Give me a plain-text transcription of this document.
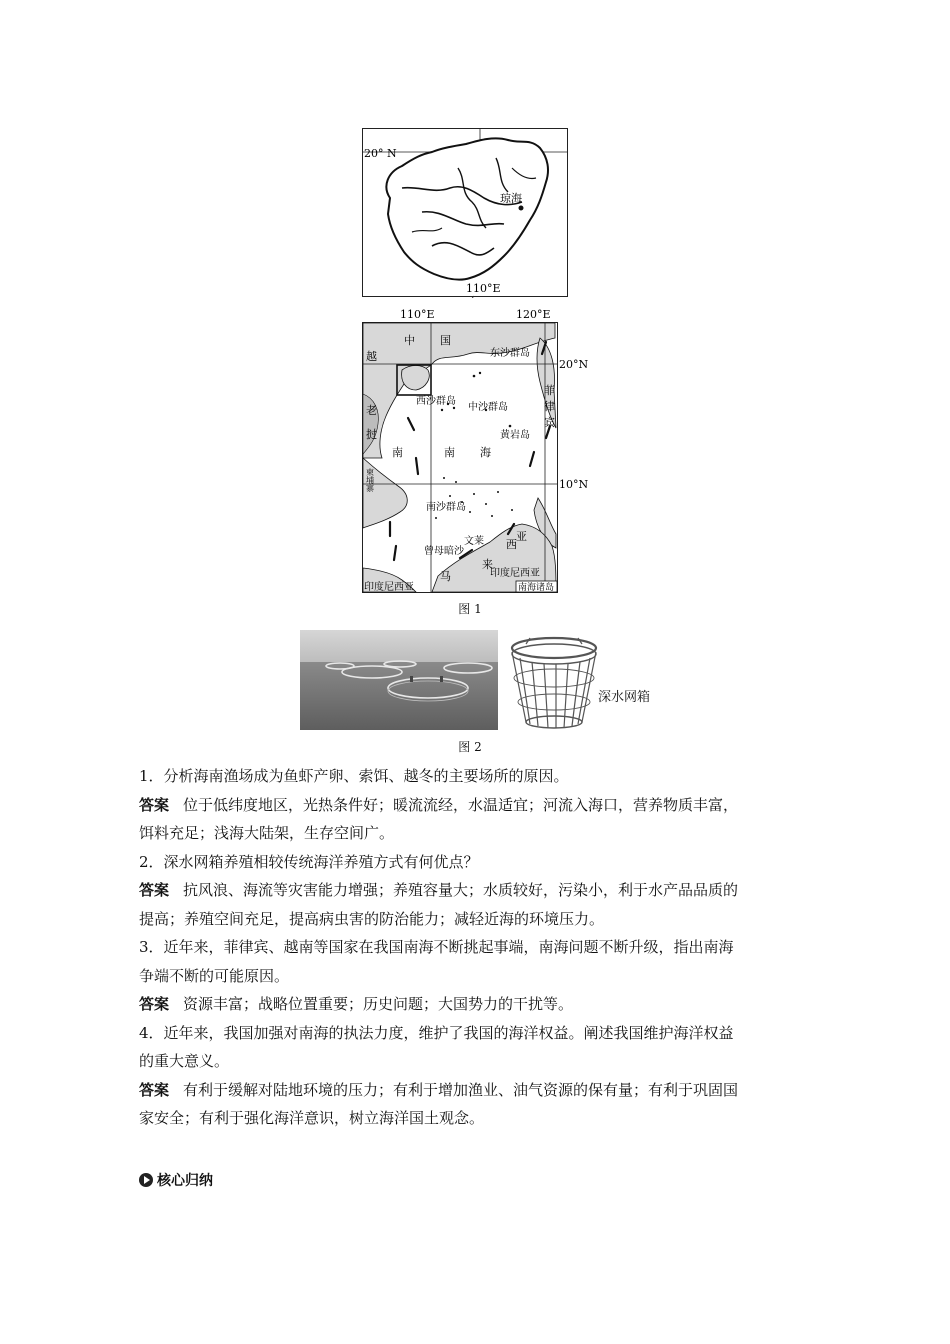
20° N
110°E
琼海
110°E	120°E
20°N
10°N
中 国
越	东沙群岛
西沙群岛
中沙群岛
黄岩岛
南 海
老
挝
柬埔寨
南
菲
律
宾
南沙群岛
文莱
曾母暗沙
马
来
西
亚
印度尼西亚
印度尼西亚
南海诸岛
图 1
深水网箱
图 2

1．分析海南渔场成为鱼虾产卵、索饵、越冬的主要场所的原因。

答案 位于低纬度地区，光热条件好；暖流流经，水温适宜；河流入海口，营养物质丰富，

饵料充足；浅海大陆架，生存空间广。

2．深水网箱养殖相较传统海洋养殖方式有何优点？

答案 抗风浪、海流等灾害能力增强；养殖容量大；水质较好，污染小，利于水产品品质的

提高；养殖空间充足，提高病虫害的防治能力；减轻近海的环境压力。

3．近年来，菲律宾、越南等国家在我国南海不断挑起事端，南海问题不断升级，指出南海

争端不断的可能原因。

答案 资源丰富；战略位置重要；历史问题；大国势力的干扰等。

4．近年来，我国加强对南海的执法力度，维护了我国的海洋权益。阐述我国维护海洋权益

的重大意义。

答案 有利于缓解对陆地环境的压力；有利于增加渔业、油气资源的保有量；有利于巩固国

家安全；有利于强化海洋意识，树立海洋国土观念。

核心归纳
